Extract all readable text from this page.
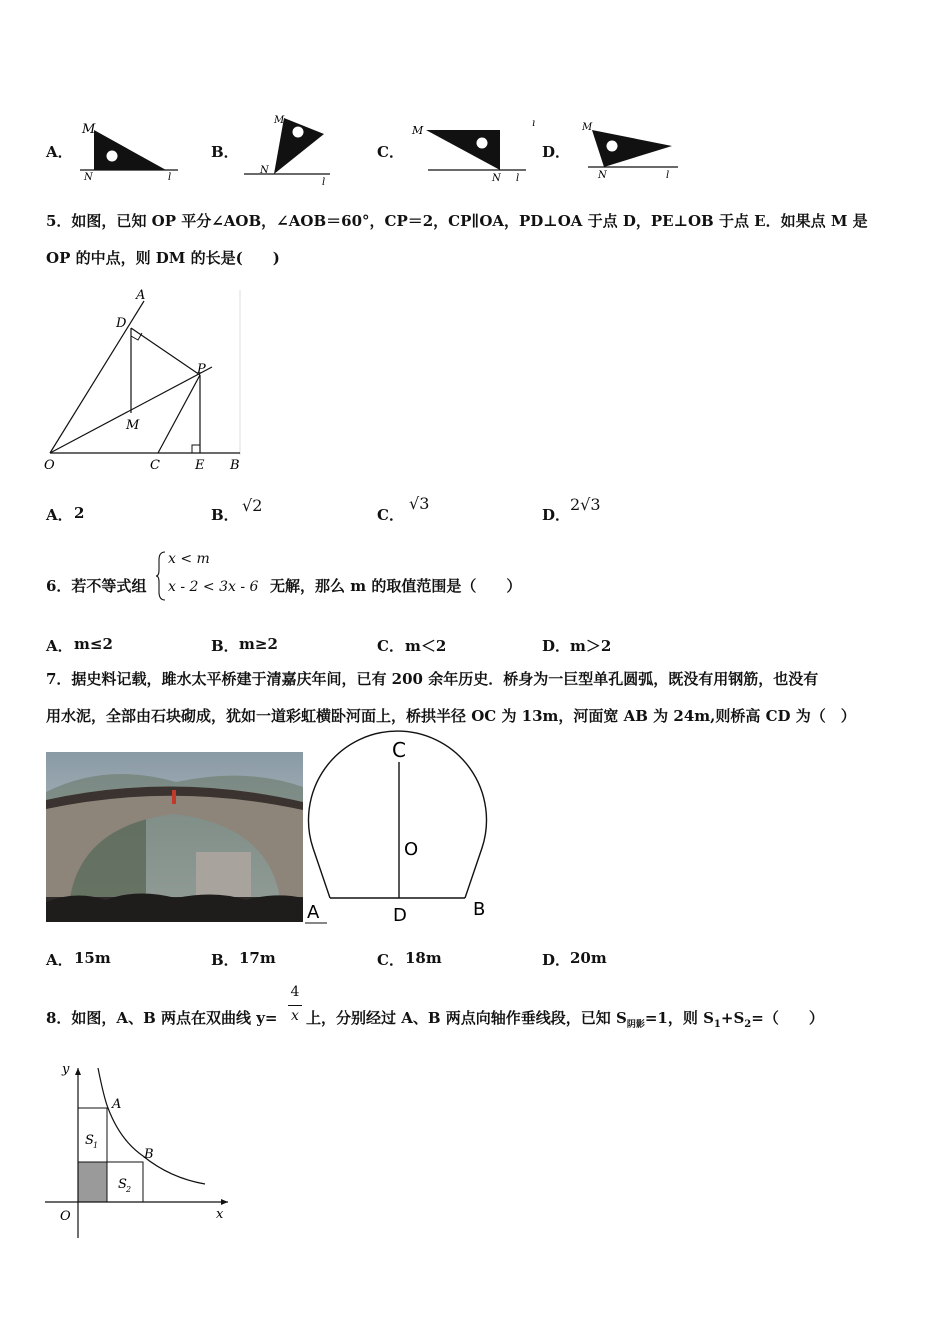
A．
M
N	l
B．
M
N
l
C．
M
N l
ı
D．
M
N	l
5．如图，已知 OP 平分∠AOB，∠AOB＝60°，CP＝2，CP∥OA，PD⊥OA 于点 D，PE⊥OB 于点 E．如果点 M 是
OP 的中点，则 DM 的长是(　　)
A
D
P
M
O	C	E B
A． 2	B． √2	C．
√3
D．
2√3
6．若不等式组
x < m
x - 2 < 3x - 6 无解，那么 m 的取值范围是（　　）
A． m≤2	B． m≥2	C． m＜2	D． m＞2
7．据史料记载，雎水太平桥建于清嘉庆年间，已有 200 余年历史．桥身为一巨型单孔圆弧，既没有用钢筋，也没有
用水泥，全部由石块砌成，犹如一道彩虹横卧河面上，桥拱半径 OC 为 13m，河面宽 AB 为 24m,则桥高 CD 为（　）
C
O
A	D	B
A． 15m	B． 17m	C． 18m	D． 20m
8．如图，A、B 两点在双曲线 y=
4
x 上，分别经过 A、B 两点向轴作垂线段，已知 $S_{阴影}=1$，则 $S_1+S_2=$（　　）
y
x
O
A
B
S 1
S 2
